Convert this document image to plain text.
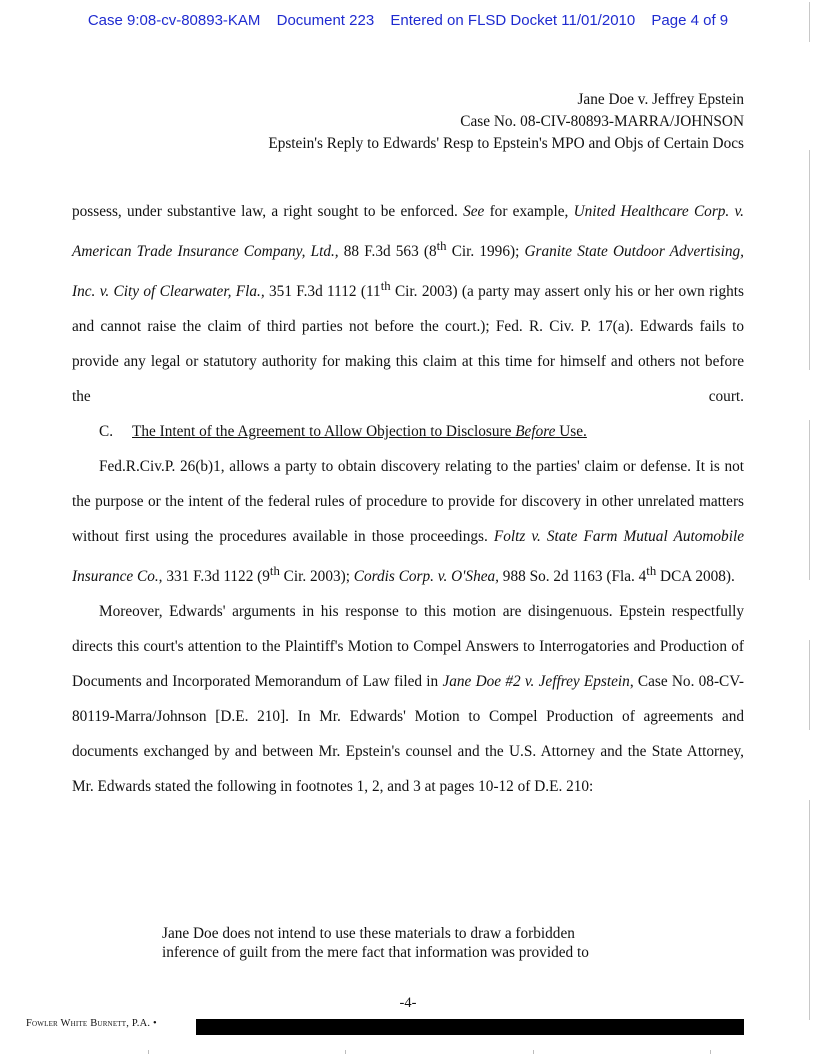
Case 9:08-cv-80893-KAM Document 223 Entered on FLSD Docket 11/01/2010 Page 4 of 9
Jane Doe v. Jeffrey Epstein
Case No. 08-CIV-80893-MARRA/JOHNSON
Epstein's Reply to Edwards' Resp to Epstein's MPO and Objs of Certain Docs

possess, under substantive law, a right sought to be enforced. See for example, United Healthcare Corp. v. American Trade Insurance Company, Ltd., 88 F.3d 563 (8th Cir. 1996); Granite State Outdoor Advertising, Inc. v. City of Clearwater, Fla., 351 F.3d 1112 (11th Cir. 2003) (a party may assert only his or her own rights and cannot raise the claim of third parties not before the court.); Fed. R. Civ. P. 17(a). Edwards fails to provide any legal or statutory authority for making this claim at this time for himself and others not before the court.

C. The Intent of the Agreement to Allow Objection to Disclosure Before Use.

Fed.R.Civ.P. 26(b)1, allows a party to obtain discovery relating to the parties' claim or defense. It is not the purpose or the intent of the federal rules of procedure to provide for discovery in other unrelated matters without first using the procedures available in those proceedings. Foltz v. State Farm Mutual Automobile Insurance Co., 331 F.3d 1122 (9th Cir. 2003); Cordis Corp. v. O'Shea, 988 So. 2d 1163 (Fla. 4th DCA 2008).

Moreover, Edwards' arguments in his response to this motion are disingenuous. Epstein respectfully directs this court's attention to the Plaintiff's Motion to Compel Answers to Interrogatories and Production of Documents and Incorporated Memorandum of Law filed in Jane Doe #2 v. Jeffrey Epstein, Case No. 08-CV-80119-Marra/Johnson [D.E. 210]. In Mr. Edwards' Motion to Compel Production of agreements and documents exchanged by and between Mr. Epstein's counsel and the U.S. Attorney and the State Attorney, Mr. Edwards stated the following in footnotes 1, 2, and 3 at pages 10-12 of D.E. 210:

Jane Doe does not intend to use these materials to draw a forbidden
inference of guilt from the mere fact that information was provided to
-4-
Fowler White Burnett, P.A. •
